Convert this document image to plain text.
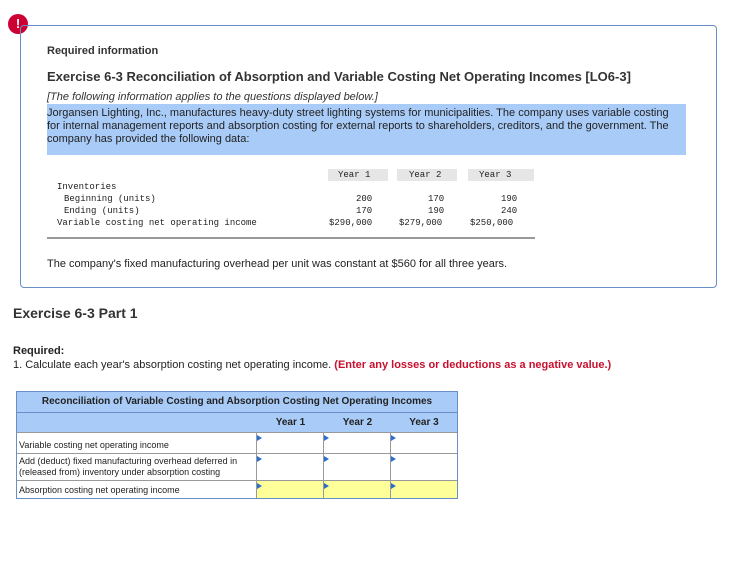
!
Required information
Exercise 6-3 Reconciliation of Absorption and Variable Costing Net Operating Incomes [LO6-3]
[The following information applies to the questions displayed below.]
Jorgansen Lighting, Inc., manufactures heavy-duty street lighting systems for municipalities. The company uses variable costing for internal management reports and absorption costing for external reports to shareholders, creditors, and the government. The company has provided the following data:
Year 1	Year 2	Year 3
Inventories
Beginning (units)	200	170	190
Ending (units)	170	190	240
Variable costing net operating income	$290,000	$279,000	$250,000
The company's fixed manufacturing overhead per unit was constant at $560 for all three years.
Exercise 6-3 Part 1
Required:
1. Calculate each year's absorption costing net operating income. (Enter any losses or deductions as a negative value.)
Reconciliation of Variable Costing and Absorption Costing Net Operating Incomes
Year 1	Year 2	Year 3
Variable costing net operating income
Add (deduct) fixed manufacturing overhead deferred in (released from) inventory under absorption costing
Absorption costing net operating income
